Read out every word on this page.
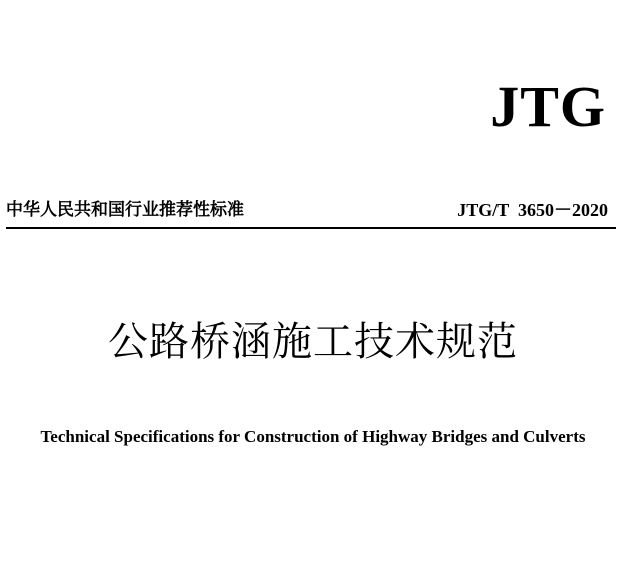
JTG
中华人民共和国行业推荐性标准	JTG/T  3650－2020
公路桥涵施工技术规范
Technical Specifications for Construction of Highway Bridges and Culverts
